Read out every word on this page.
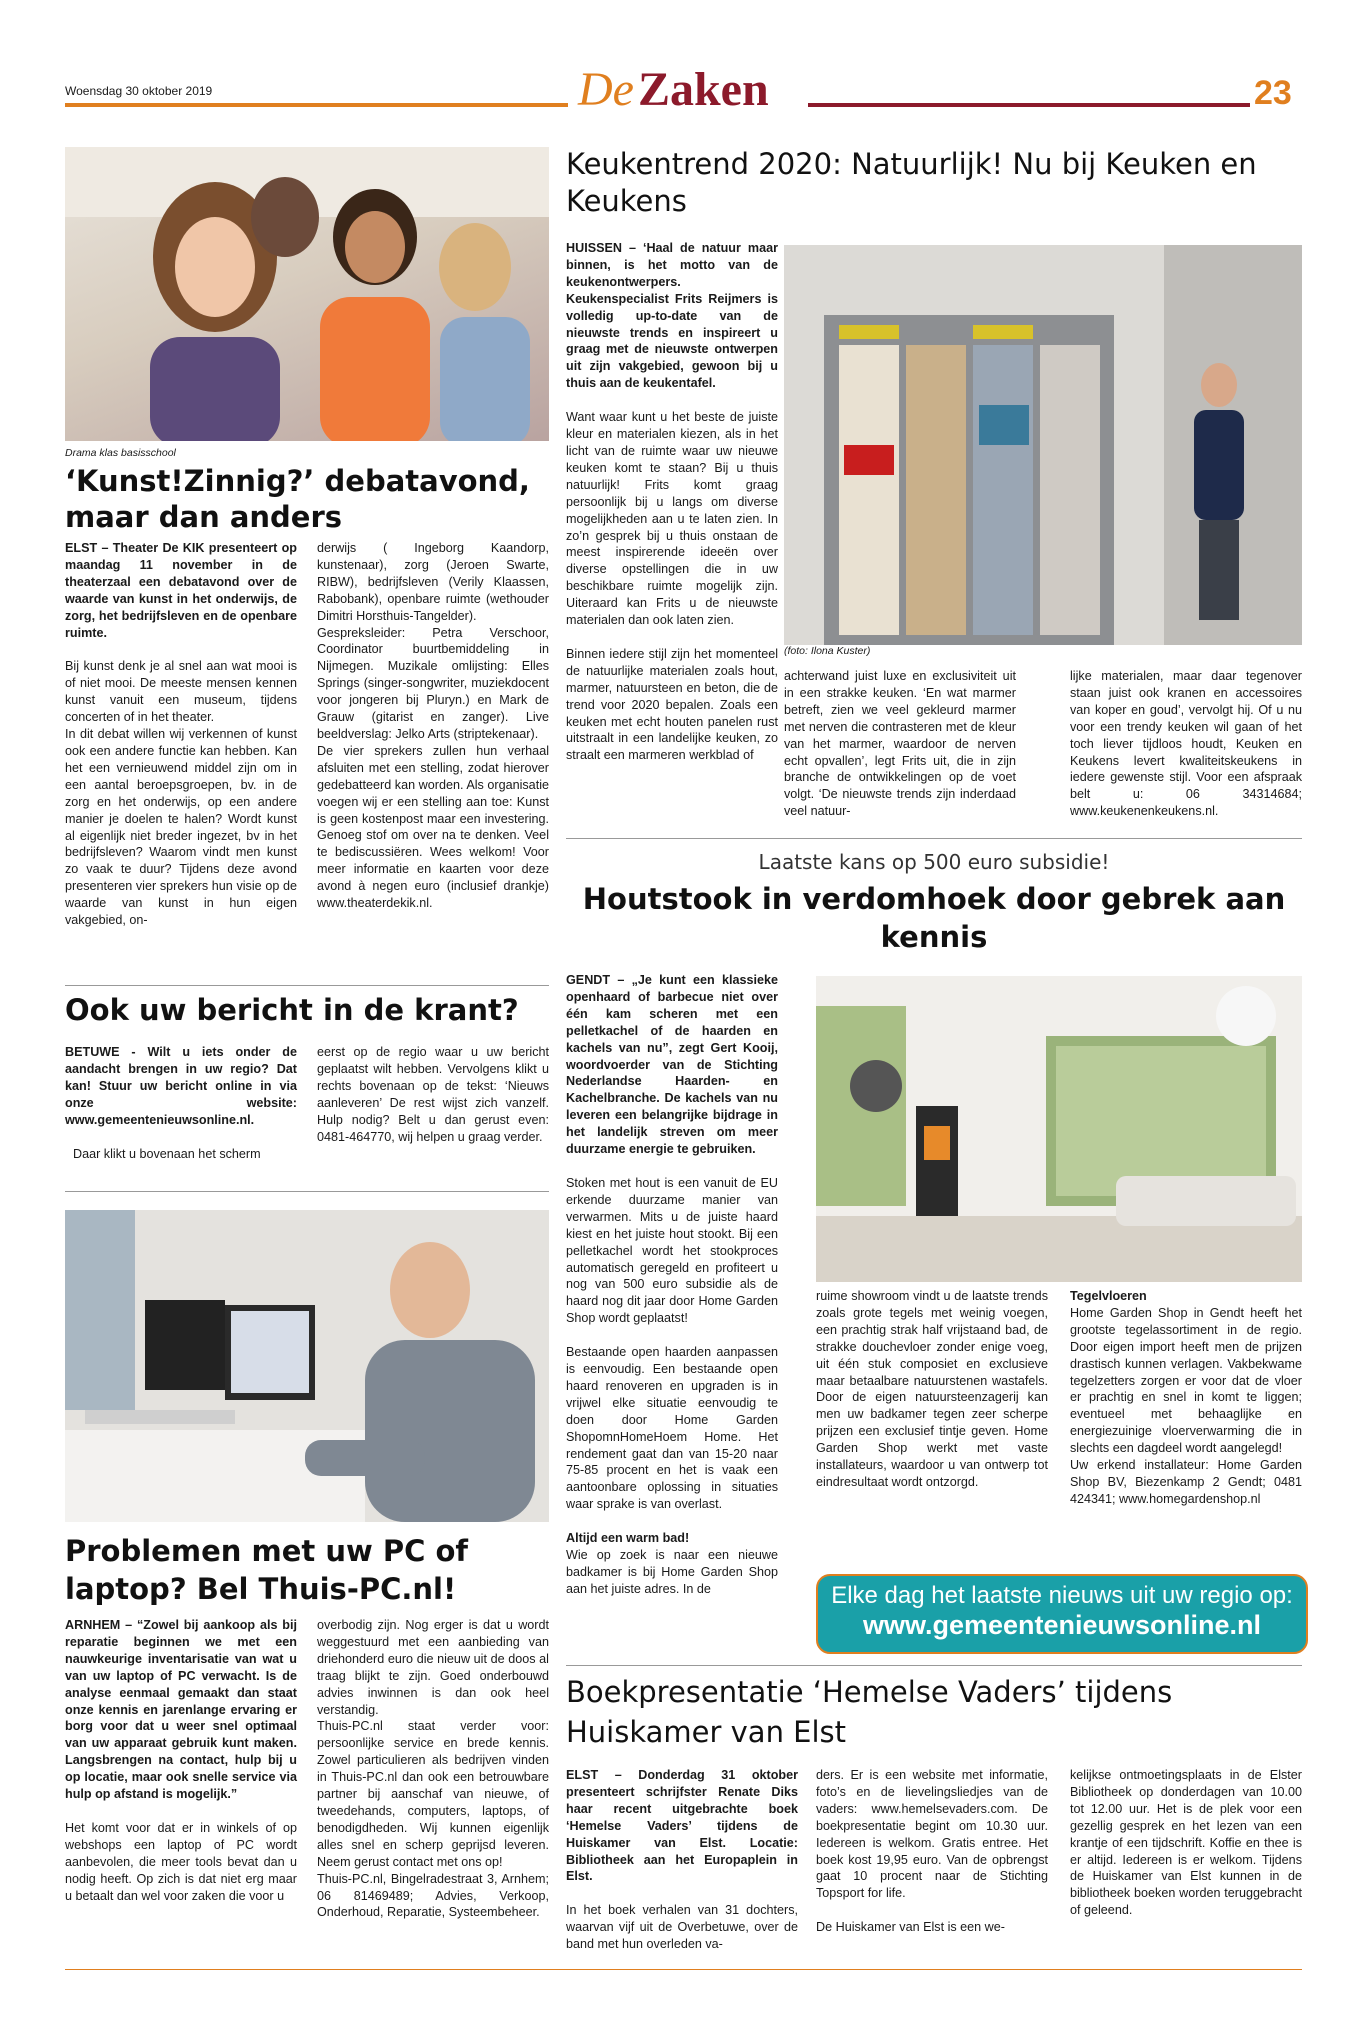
Woensdag 30 oktober 2019	De Zaken	23
Drama klas basisschool
‘Kunst!Zinnig?’ debatavond, maar dan anders

ELST – Theater De KIK presenteert op maandag 11 november in de theaterzaal een debatavond over de waarde van kunst in het onderwijs, de zorg, het bedrijfsleven en de openbare ruimte.

Bij kunst denk je al snel aan wat mooi is of niet mooi. De meeste mensen kennen kunst vanuit een museum, tijdens concerten of in het theater.

In dit debat willen wij verkennen of kunst ook een andere functie kan hebben. Kan het een vernieuwend middel zijn om in een aantal beroepsgroepen, bv. in de zorg en het onderwijs, op een andere manier je doelen te halen? Wordt kunst al eigenlijk niet breder ingezet, bv in het bedrijfsleven? Waarom vindt men kunst zo vaak te duur? Tijdens deze avond presenteren vier sprekers hun visie op de waarde van kunst in hun eigen vakgebied, on-

derwijs ( Ingeborg Kaandorp, kunstenaar), zorg (Jeroen Swarte, RIBW), bedrijfsleven (Verily Klaassen, Rabobank), openbare ruimte (wethouder Dimitri Horsthuis-Tangelder).

Gespreksleider: Petra Verschoor, Coordinator buurtbemiddeling in Nijmegen. Muzikale omlijsting: Elles Springs (singer-songwriter, muziekdocent voor jongeren bij Pluryn.) en Mark de Grauw (gitarist en zanger). Live beeldverslag: Jelko Arts (striptekenaar).

De vier sprekers zullen hun verhaal afsluiten met een stelling, zodat hierover gedebatteerd kan worden. Als organisatie voegen wij er een stelling aan toe: Kunst is geen kostenpost maar een investering. Genoeg stof om over na te denken. Veel te bediscussiëren. Wees welkom! Voor meer informatie en kaarten voor deze avond à negen euro (inclusief drankje) www.theaterdekik.nl.

Ook uw bericht in de krant?

BETUWE - Wilt u iets onder de aandacht brengen in uw regio? Dat kan! Stuur uw bericht online in via onze website: www.gemeentenieuwsonline.nl.

Daar klikt u bovenaan het scherm

eerst op de regio waar u uw bericht geplaatst wilt hebben. Vervolgens klikt u rechts bovenaan op de tekst: ‘Nieuws aanleveren’ De rest wijst zich vanzelf. Hulp nodig? Belt u dan gerust even: 0481-464770, wij helpen u graag verder.

Problemen met uw PC of laptop? Bel Thuis-PC.nl!

ARNHEM – “Zowel bij aankoop als bij reparatie beginnen we met een nauwkeurige inventarisatie van wat u van uw laptop of PC verwacht. Is de analyse eenmaal gemaakt dan staat onze kennis en jarenlange ervaring er borg voor dat u weer snel optimaal van uw apparaat gebruik kunt maken. Langsbrengen na contact, hulp bij u op locatie, maar ook snelle service via hulp op afstand is mogelijk.”

Het komt voor dat er in winkels of op webshops een laptop of PC wordt aanbevolen, die meer tools bevat dan u nodig heeft. Op zich is dat niet erg maar u betaalt dan wel voor zaken die voor u

overbodig zijn. Nog erger is dat u wordt weggestuurd met een aanbieding van driehonderd euro die nieuw uit de doos al traag blijkt te zijn. Goed onderbouwd advies inwinnen is dan ook heel verstandig.

Thuis-PC.nl staat verder voor: persoonlijke service en brede kennis. Zowel particulieren als bedrijven vinden in Thuis-PC.nl dan ook een betrouwbare partner bij aanschaf van nieuwe, of tweedehands, computers, laptops, of benodigdheden. Wij kunnen eigenlijk alles snel en scherp geprijsd leveren. Neem gerust contact met ons op!

Thuis-PC.nl, Bingelradestraat 3, Arnhem; 06 81469489; Advies, Verkoop, Onderhoud, Reparatie, Systeembeheer.

Keukentrend 2020: Natuurlijk! Nu bij Keuken en Keukens

HUISSEN – ‘Haal de natuur maar binnen, is het motto van de keukenontwerpers. Keukenspecialist Frits Reijmers is volledig up-to-date van de nieuwste trends en inspireert u graag met de nieuwste ontwerpen uit zijn vakgebied, gewoon bij u thuis aan de keukentafel.

Want waar kunt u het beste de juiste kleur en materialen kiezen, als in het licht van de ruimte waar uw nieuwe keuken komt te staan? Bij u thuis natuurlijk! Frits komt graag persoonlijk bij u langs om diverse mogelijkheden aan u te laten zien. In zo’n gesprek bij u thuis onstaan de meest inspirerende ideeën over diverse opstellingen die in uw beschikbare ruimte mogelijk zijn. Uiteraard kan Frits u de nieuwste materialen dan ook laten zien.

Binnen iedere stijl zijn het momenteel de natuurlijke materialen zoals hout, marmer, natuursteen en beton, die de trend voor 2020 bepalen. Zoals een keuken met echt houten panelen rust uitstraalt in een landelijke keuken, zo straalt een marmeren werkblad of

(foto: Ilona Kuster)

achterwand juist luxe en exclusiviteit uit in een strakke keuken. ‘En wat marmer betreft, zien we veel gekleurd marmer met nerven die contrasteren met de kleur van het marmer, waardoor de nerven echt opvallen’, legt Frits uit, die in zijn branche de ontwikkelingen op de voet volgt. ‘De nieuwste trends zijn inderdaad veel natuur-

lijke materialen, maar daar tegenover staan juist ook kranen en accessoires van koper en goud’, vervolgt hij. Of u nu voor een trendy keuken wil gaan of het toch liever tijdloos houdt, Keuken en Keukens levert kwaliteitskeukens in iedere gewenste stijl. Voor een afspraak belt u: 06 34314684; www.keukenenkeukens.nl.

Laatste kans op 500 euro subsidie!
Houtstook in verdomhoek door gebrek aan kennis

GENDT – „Je kunt een klassieke openhaard of barbecue niet over één kam scheren met een pelletkachel of de haarden en kachels van nu”, zegt Gert Kooij, woordvoerder van de Stichting Nederlandse Haarden- en Kachelbranche. De kachels van nu leveren een belangrijke bijdrage in het landelijk streven om meer duurzame energie te gebruiken.

Stoken met hout is een vanuit de EU erkende duurzame manier van verwarmen. Mits u de juiste haard kiest en het juiste hout stookt. Bij een pelletkachel wordt het stookproces automatisch geregeld en profiteert u nog van 500 euro subsidie als de haard nog dit jaar door Home Garden Shop wordt geplaatst!

Bestaande open haarden aanpassen is eenvoudig. Een bestaande open haard renoveren en upgraden is in vrijwel elke situatie eenvoudig te doen door Home Garden ShopomnHomeHoem Home. Het rendement gaat dan van 15-20 naar 75-85 procent en het is vaak een aantoonbare oplossing in situaties waar sprake is van overlast.

Altijd een warm bad!

Wie op zoek is naar een nieuwe badkamer is bij Home Garden Shop aan het juiste adres. In de

ruime showroom vindt u de laatste trends zoals grote tegels met weinig voegen, een prachtig strak half vrijstaand bad, de strakke douchevloer zonder enige voeg, uit één stuk composiet en exclusieve maar betaalbare natuurstenen wastafels. Door de eigen natuursteenzagerij kan men uw badkamer tegen zeer scherpe prijzen een exclusief tintje geven. Home Garden Shop werkt met vaste installateurs, waardoor u van ontwerp tot eindresultaat wordt ontzorgd.

Tegelvloeren

Home Garden Shop in Gendt heeft het grootste tegelassortiment in de regio. Door eigen import heeft men de prijzen drastisch kunnen verlagen. Vakbekwame tegelzetters zorgen er voor dat de vloer er prachtig en snel in komt te liggen; eventueel met behaaglijke en energiezuinige vloerverwarming die in slechts een dagdeel wordt aangelegd!

Uw erkend installateur: Home Garden Shop BV, Biezenkamp 2 Gendt; 0481 424341; www.homegardenshop.nl

Elke dag het laatste nieuws uit uw regio op:
www.gemeentenieuwsonline.nl
Boekpresentatie ‘Hemelse Vaders’ tijdens Huiskamer van Elst

ELST – Donderdag 31 oktober presenteert schrijfster Renate Diks haar recent uitgebrachte boek ‘Hemelse Vaders’ tijdens de Huiskamer van Elst. Locatie: Bibliotheek aan het Europaplein in Elst.

In het boek verhalen van 31 dochters, waarvan vijf uit de Overbetuwe, over de band met hun overleden va-

ders. Er is een website met informatie, foto’s en de lievelingsliedjes van de vaders: www.hemelsevaders.com. De boekpresentatie begint om 10.30 uur. Iedereen is welkom. Gratis entree. Het boek kost 19,95 euro. Van de opbrengst gaat 10 procent naar de Stichting Topsport for life.

De Huiskamer van Elst is een we-

kelijkse ontmoetingsplaats in de Elster Bibliotheek op donderdagen van 10.00 tot 12.00 uur. Het is de plek voor een gezellig gesprek en het lezen van een krantje of een tijdschrift. Koffie en thee is er altijd. Iedereen is er welkom. Tijdens de Huiskamer van Elst kunnen in de bibliotheek boeken worden teruggebracht of geleend.
